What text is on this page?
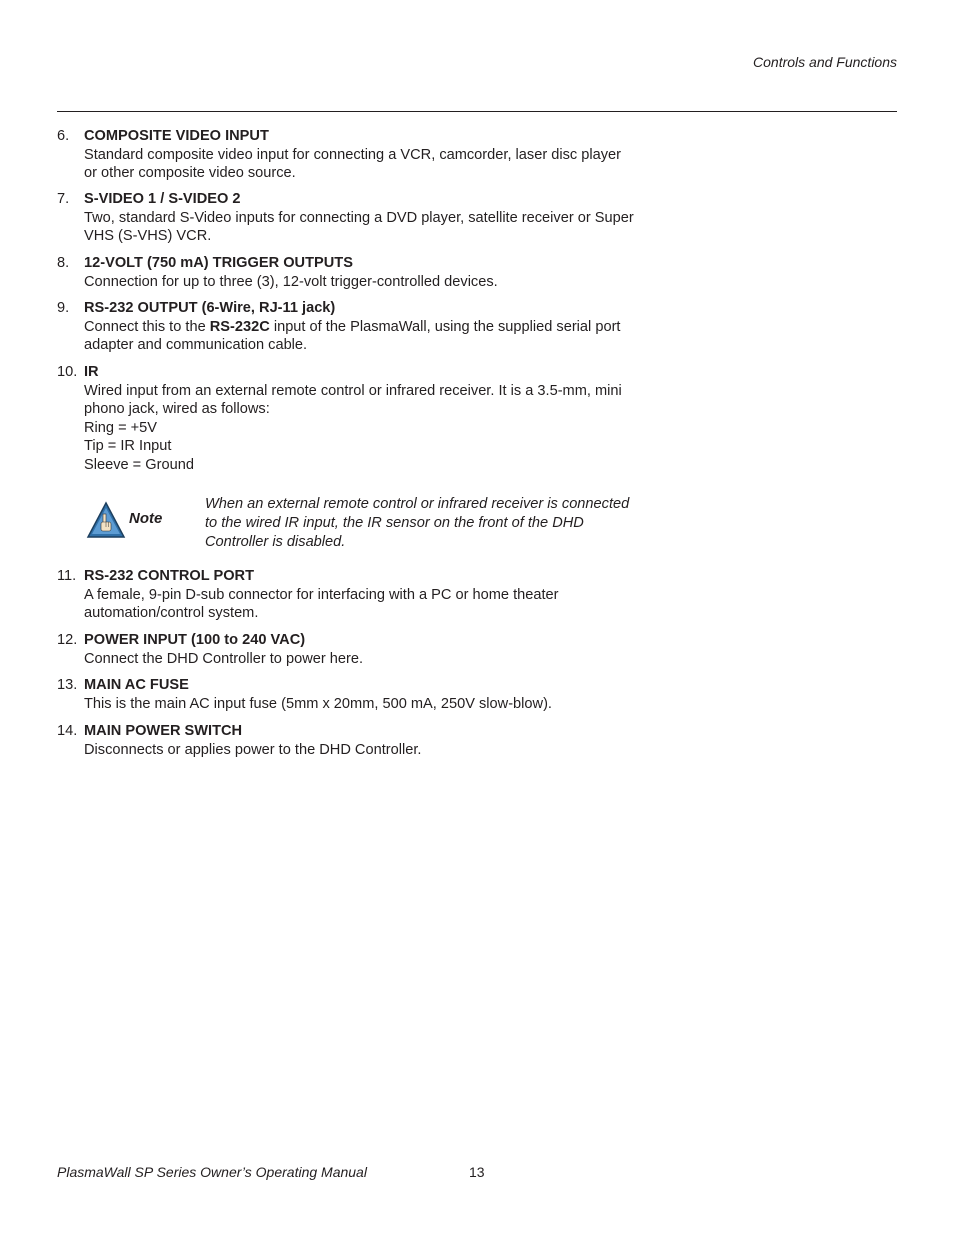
Controls and Functions
6. COMPOSITE VIDEO INPUT
Standard composite video input for connecting a VCR, camcorder, laser disc player
or other composite video source.
7. S-VIDEO 1 / S-VIDEO 2
Two, standard S-Video inputs for connecting a DVD player, satellite receiver or Super
VHS (S-VHS) VCR.
8. 12-VOLT (750 mA) TRIGGER OUTPUTS
Connection for up to three (3), 12-volt trigger-controlled devices.
9. RS-232 OUTPUT (6-Wire, RJ-11 jack)
Connect this to the RS-232C input of the PlasmaWall, using the supplied serial port
adapter and communication cable.
10. IR
Wired input from an external remote control or infrared receiver. It is a 3.5-mm, mini
phono jack, wired as follows:
Ring = +5V
Tip = IR Input
Sleeve = Ground
Note
When an external remote control or infrared receiver is connected
to the wired IR input, the IR sensor on the front of the DHD
Controller is disabled.
11. RS-232 CONTROL PORT
A female, 9-pin D-sub connector for interfacing with a PC or home theater
automation/control system.
12. POWER INPUT (100 to 240 VAC)
Connect the DHD Controller to power here.
13. MAIN AC FUSE
This is the main AC input fuse (5mm x 20mm, 500 mA, 250V slow-blow).
14. MAIN POWER SWITCH
Disconnects or applies power to the DHD Controller.
PlasmaWall SP Series Owner’s Operating Manual	13
